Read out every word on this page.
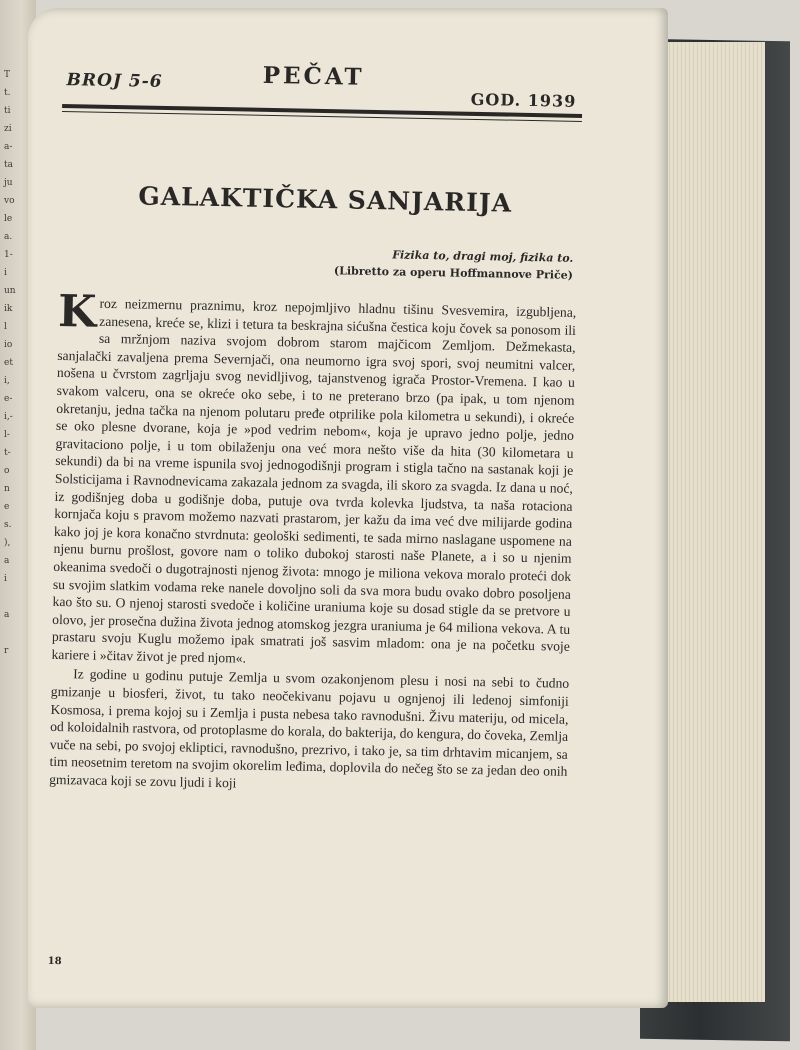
T
t.
ti
zi
a-
ta
ju
vo
le
a.
1-
i
un
ik
l
io
et
i,
e-
i,-
l-
t-
o
n
e
s.
),
a
i
a
r
BROJ 5-6	PEČAT
GOD. 1939
GALAKTIČKA SANJARIJA
Fizika to, dragi moj, fizika to.
(Libretto za operu Hoffmannove Priče)

Kroz neizmernu praznimu, kroz nepojmljivo hladnu tišinu Svesvemira, izgubljena, zanesena, kreće se, klizi i tetura ta beskrajna sićušna čestica koju čovek sa ponosom ili sa mržnjom naziva svojom dobrom starom majčicom Zemljom. Dežmekasta, sanjalački zavaljena prema Severnjači, ona neumorno igra svoj spori, svoj neumitni valcer, nošena u čvrstom zagrljaju svog nevidljivog, tajanstvenog igrača Prostor-Vremena. I kao u svakom valceru, ona se okreće oko sebe, i to ne preterano brzo (pa ipak, u tom njenom okretanju, jedna tačka na njenom polutaru pređe otprilike pola kilometra u sekundi), i okreće se oko plesne dvorane, koja je »pod vedrim nebom«, koja je upravo jedno polje, jedno gravitaciono polje, i u tom obilaženju ona već mora nešto više da hita (30 kilometara u sekundi) da bi na vreme ispunila svoj jednogodišnji program i stigla tačno na sastanak koji je Solsticijama i Ravnodnevicama zakazala jednom za svagda, ili skoro za svagda. Iz dana u noć, iz godišnjeg doba u godišnje doba, putuje ova tvrda kolevka ljudstva, ta naša rotaciona kornjača koju s pravom možemo nazvati prastarom, jer kažu da ima već dve milijarde godina kako joj je kora konačno stvrdnuta: geološki sedimenti, te sada mirno naslagane uspomene na njenu burnu prošlost, govore nam o toliko dubokoj starosti naše Planete, a i so u njenim okeanima svedoči o dugotrajnosti njenog života: mnogo je miliona vekova moralo proteći dok su svojim slatkim vodama reke nanele dovoljno soli da sva mora budu ovako dobro posoljena kao što su. O njenoj starosti svedoče i količine uraniuma koje su dosad stigle da se pretvore u olovo, jer prosečna dužina života jednog atomskog jezgra uraniuma je 64 miliona vekova. A tu prastaru svoju Kuglu možemo ipak smatrati još sasvim mladom: ona je na početku svoje kariere i »čitav život je pred njom«.

Iz godine u godinu putuje Zemlja u svom ozakonjenom plesu i nosi na sebi to čudno gmizanje u biosferi, život, tu tako neočekivanu pojavu u ognjenoj ili ledenoj simfoniji Kosmosa, i premа kojoj su i Zemlja i pusta nebesa tako ravnodušni. Živu materiju, od micela, od koloidalnih rastvora, od protoplasme do korala, do bakterija, do kengura, do čoveka, Zemlja vuče na sebi, po svojoj ekliptici, ravnodušno, prezrivo, i tako je, sa tim drhtavim micanjem, sa tim neosetnim teretom na svojim okorelim leđima, doplovila do nečeg što se za jedan deo onih gmizavaca koji se zovu ljudi i koji

18
